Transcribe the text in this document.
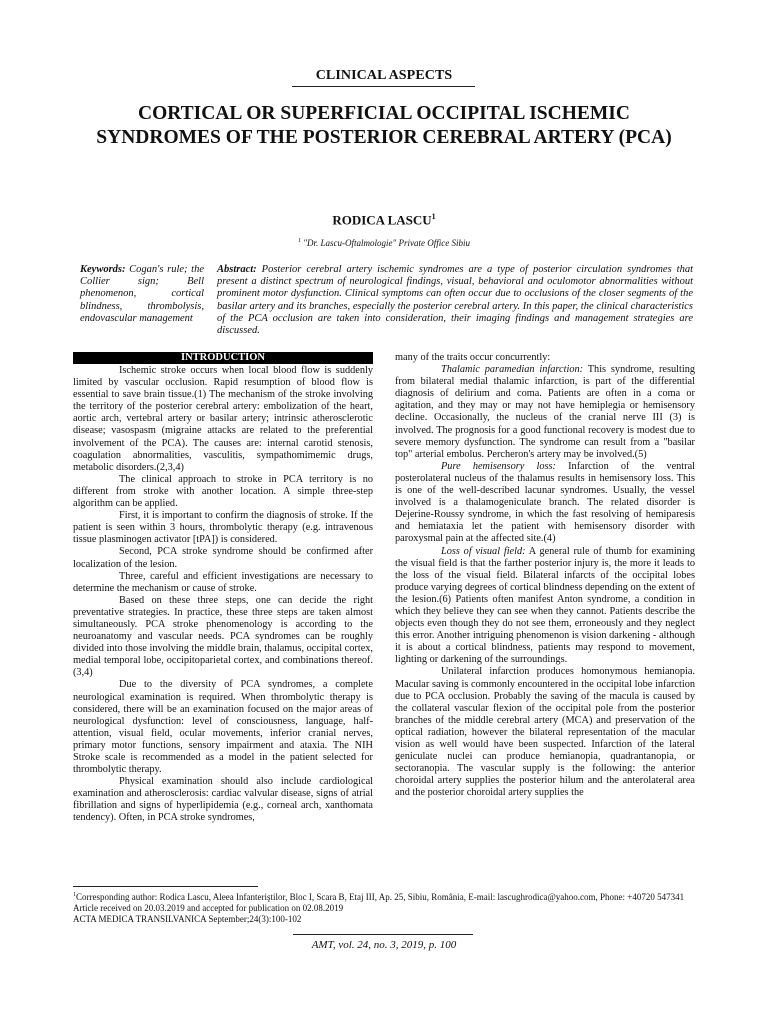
CLINICAL ASPECTS
CORTICAL OR SUPERFICIAL OCCIPITAL ISCHEMIC
SYNDROMES OF THE POSTERIOR CEREBRAL ARTERY (PCA)
RODICA LASCU$^1$
$^1$ "Dr. Lascu-Oftalmologie" Private Office Sibiu
Keywords: Cogan's rule; the Collier sign; Bell phenomenon, cortical blindness, thrombolysis, endovascular management
Abstract: Posterior cerebral artery ischemic syndromes are a type of posterior circulation syndromes that present a distinct spectrum of neurological findings, visual, behavioral and oculomotor abnormalities without prominent motor dysfunction. Clinical symptoms can often occur due to occlusions of the closer segments of the basilar artery and its branches, especially the posterior cerebral artery. In this paper, the clinical characteristics of the PCA occlusion are taken into consideration, their imaging findings and management strategies are discussed.
INTRODUCTION

Ischemic stroke occurs when local blood flow is suddenly limited by vascular occlusion. Rapid resumption of blood flow is essential to save brain tissue.(1) The mechanism of the stroke involving the territory of the posterior cerebral artery: embolization of the heart, aortic arch, vertebral artery or basilar artery; intrinsic atherosclerotic disease; vasospasm (migraine attacks are related to the preferential involvement of the PCA). The causes are: internal carotid stenosis, coagulation abnormalities, vasculitis, sympathomimemic drugs, metabolic disorders.(2,3,4)

The clinical approach to stroke in PCA territory is no different from stroke with another location. A simple three-step algorithm can be applied.

First, it is important to confirm the diagnosis of stroke. If the patient is seen within 3 hours, thrombolytic therapy (e.g. intravenous tissue plasminogen activator [tPA]) is considered.

Second, PCA stroke syndrome should be confirmed after localization of the lesion.

Three, careful and efficient investigations are necessary to determine the mechanism or cause of stroke.

Based on these three steps, one can decide the right preventative strategies. In practice, these three steps are taken almost simultaneously. PCA stroke phenomenology is according to the neuroanatomy and vascular needs. PCA syndromes can be roughly divided into those involving the middle brain, thalamus, occipital cortex, medial temporal lobe, occipitoparietal cortex, and combinations thereof.(3,4)

Due to the diversity of PCA syndromes, a complete neurological examination is required. When thrombolytic therapy is considered, there will be an examination focused on the major areas of neurological dysfunction: level of consciousness, language, half-attention, visual field, ocular movements, inferior cranial nerves, primary motor functions, sensory impairment and ataxia. The NIH Stroke scale is recommended as a model in the patient selected for thrombolytic therapy.

Physical examination should also include cardiological examination and atherosclerosis: cardiac valvular disease, signs of atrial fibrillation and signs of hyperlipidemia (e.g., corneal arch, xanthomata tendency). Often, in PCA stroke syndromes,

many of the traits occur concurrently:

Thalamic paramedian infarction: This syndrome, resulting from bilateral medial thalamic infarction, is part of the differential diagnosis of delirium and coma. Patients are often in a coma or agitation, and they may or may not have hemiplegia or hemisensory decline. Occasionally, the nucleus of the cranial nerve III (3) is involved. The prognosis for a good functional recovery is modest due to severe memory dysfunction. The syndrome can result from a "basilar top" arterial embolus. Percheron's artery may be involved.(5)

Pure hemisensory loss: Infarction of the ventral posterolateral nucleus of the thalamus results in hemisensory loss. This is one of the well-described lacunar syndromes. Usually, the vessel involved is a thalamogeniculate branch. The related disorder is Dejerine-Roussy syndrome, in which the fast resolving of hemiparesis and hemiataxia let the patient with hemisensory disorder with paroxysmal pain at the affected site.(4)

Loss of visual field: A general rule of thumb for examining the visual field is that the farther posterior injury is, the more it leads to the loss of the visual field. Bilateral infarcts of the occipital lobes produce varying degrees of cortical blindness depending on the extent of the lesion.(6) Patients often manifest Anton syndrome, a condition in which they believe they can see when they cannot. Patients describe the objects even though they do not see them, erroneously and they neglect this error. Another intriguing phenomenon is vision darkening - although it is about a cortical blindness, patients may respond to movement, lighting or darkening of the surroundings.

Unilateral infarction produces homonymous hemianopia. Macular saving is commonly encountered in the occipital lobe infarction due to PCA occlusion. Probably the saving of the macula is caused by the collateral vascular flexion of the occipital pole from the posterior branches of the middle cerebral artery (MCA) and preservation of the optical radiation, however the bilateral representation of the macular vision as well would have been suspected. Infarction of the lateral geniculate nuclei can produce hemianopia, quadrantanopia, or sectoranopia. The vascular supply is the following: the anterior choroidal artery supplies the posterior hilum and the anterolateral area and the posterior choroidal artery supplies the

$^1$Corresponding author: Rodica Lascu, Aleea Infanteriştilor, Bloc I, Scara B, Etaj III, Ap. 25, Sibiu, România, E-mail: lascughrodica@yahoo.com, Phone: +40720 547341
Article received on 20.03.2019 and accepted for publication on 02.08.2019
ACTA MEDICA TRANSILVANICA September;24(3):100-102
AMT, vol. 24, no. 3, 2019, p. 100
